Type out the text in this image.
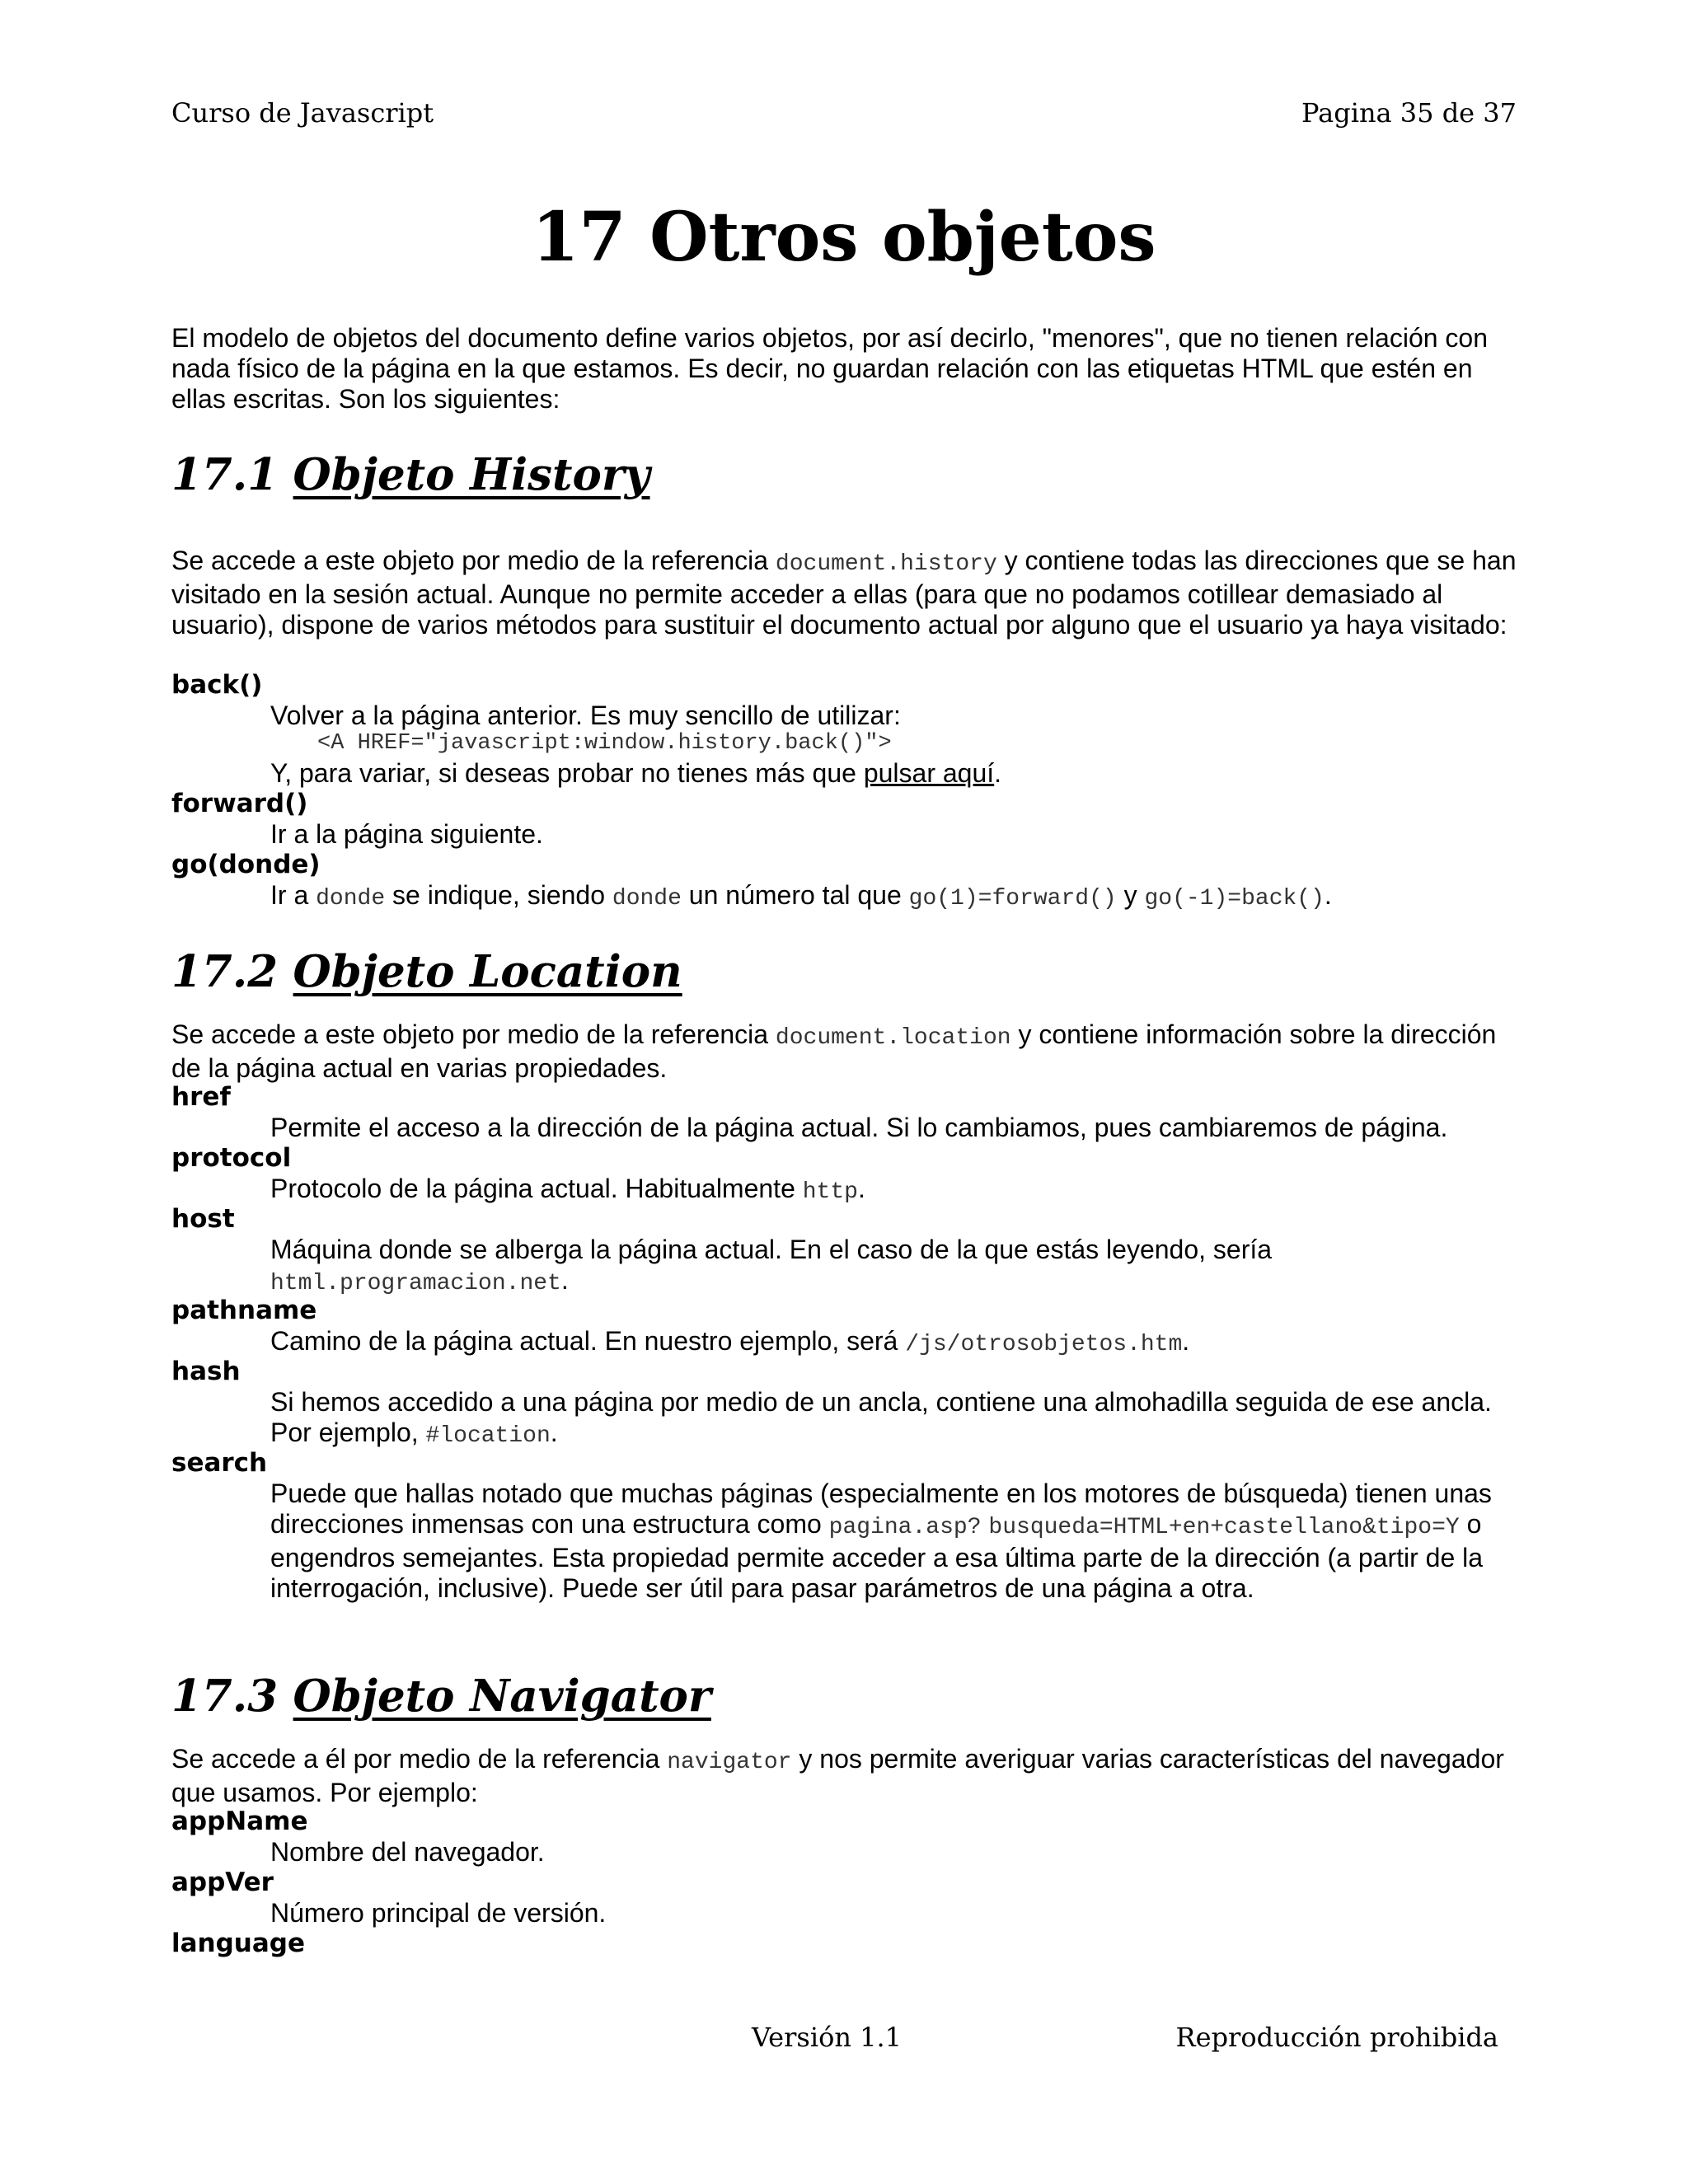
Curso de Javascript	Pagina 35 de 37
17 Otros objetos

El modelo de objetos del documento define varios objetos, por así decirlo, "menores", que no tienen relación con nada físico de la página en la que estamos. Es decir, no guardan relación con las etiquetas HTML que estén en ellas escritas. Son los siguientes:

17.1 Objeto History

Se accede a este objeto por medio de la referencia document.history y contiene todas las direcciones que se han visitado en la sesión actual. Aunque no permite acceder a ellas (para que no podamos cotillear demasiado al usuario), dispone de varios métodos para sustituir el documento actual por alguno que el usuario ya haya visitado:

back()
Volver a la página anterior. Es muy sencillo de utilizar:
<A HREF="javascript:window.history.back()">
Y, para variar, si deseas probar no tienes más que pulsar aquí.
forward()
Ir a la página siguiente.
go(donde)
Ir a donde se indique, siendo donde un número tal que go(1)=forward() y go(-1)=back().
17.2 Objeto Location

Se accede a este objeto por medio de la referencia document.location y contiene información sobre la dirección de la página actual en varias propiedades.

href
Permite el acceso a la dirección de la página actual. Si lo cambiamos, pues cambiaremos de página.
protocol
Protocolo de la página actual. Habitualmente http.
host
Máquina donde se alberga la página actual. En el caso de la que estás leyendo, sería
html.programacion.net.
pathname
Camino de la página actual. En nuestro ejemplo, será /js/otrosobjetos.htm.
hash
Si hemos accedido a una página por medio de un ancla, contiene una almohadilla seguida de ese ancla. Por ejemplo, #location.
search
Puede que hallas notado que muchas páginas (especialmente en los motores de búsqueda) tienen unas direcciones inmensas con una estructura como pagina.asp? busqueda=HTML+en+castellano&tipo=Y o engendros semejantes. Esta propiedad permite acceder a esa última parte de la dirección (a partir de la interrogación, inclusive). Puede ser útil para pasar parámetros de una página a otra.
17.3 Objeto Navigator

Se accede a él por medio de la referencia navigator y nos permite averiguar varias características del navegador que usamos. Por ejemplo:

appName
Nombre del navegador.
appVer
Número principal de versión.
language
Versión 1.1	Reproducción prohibida
